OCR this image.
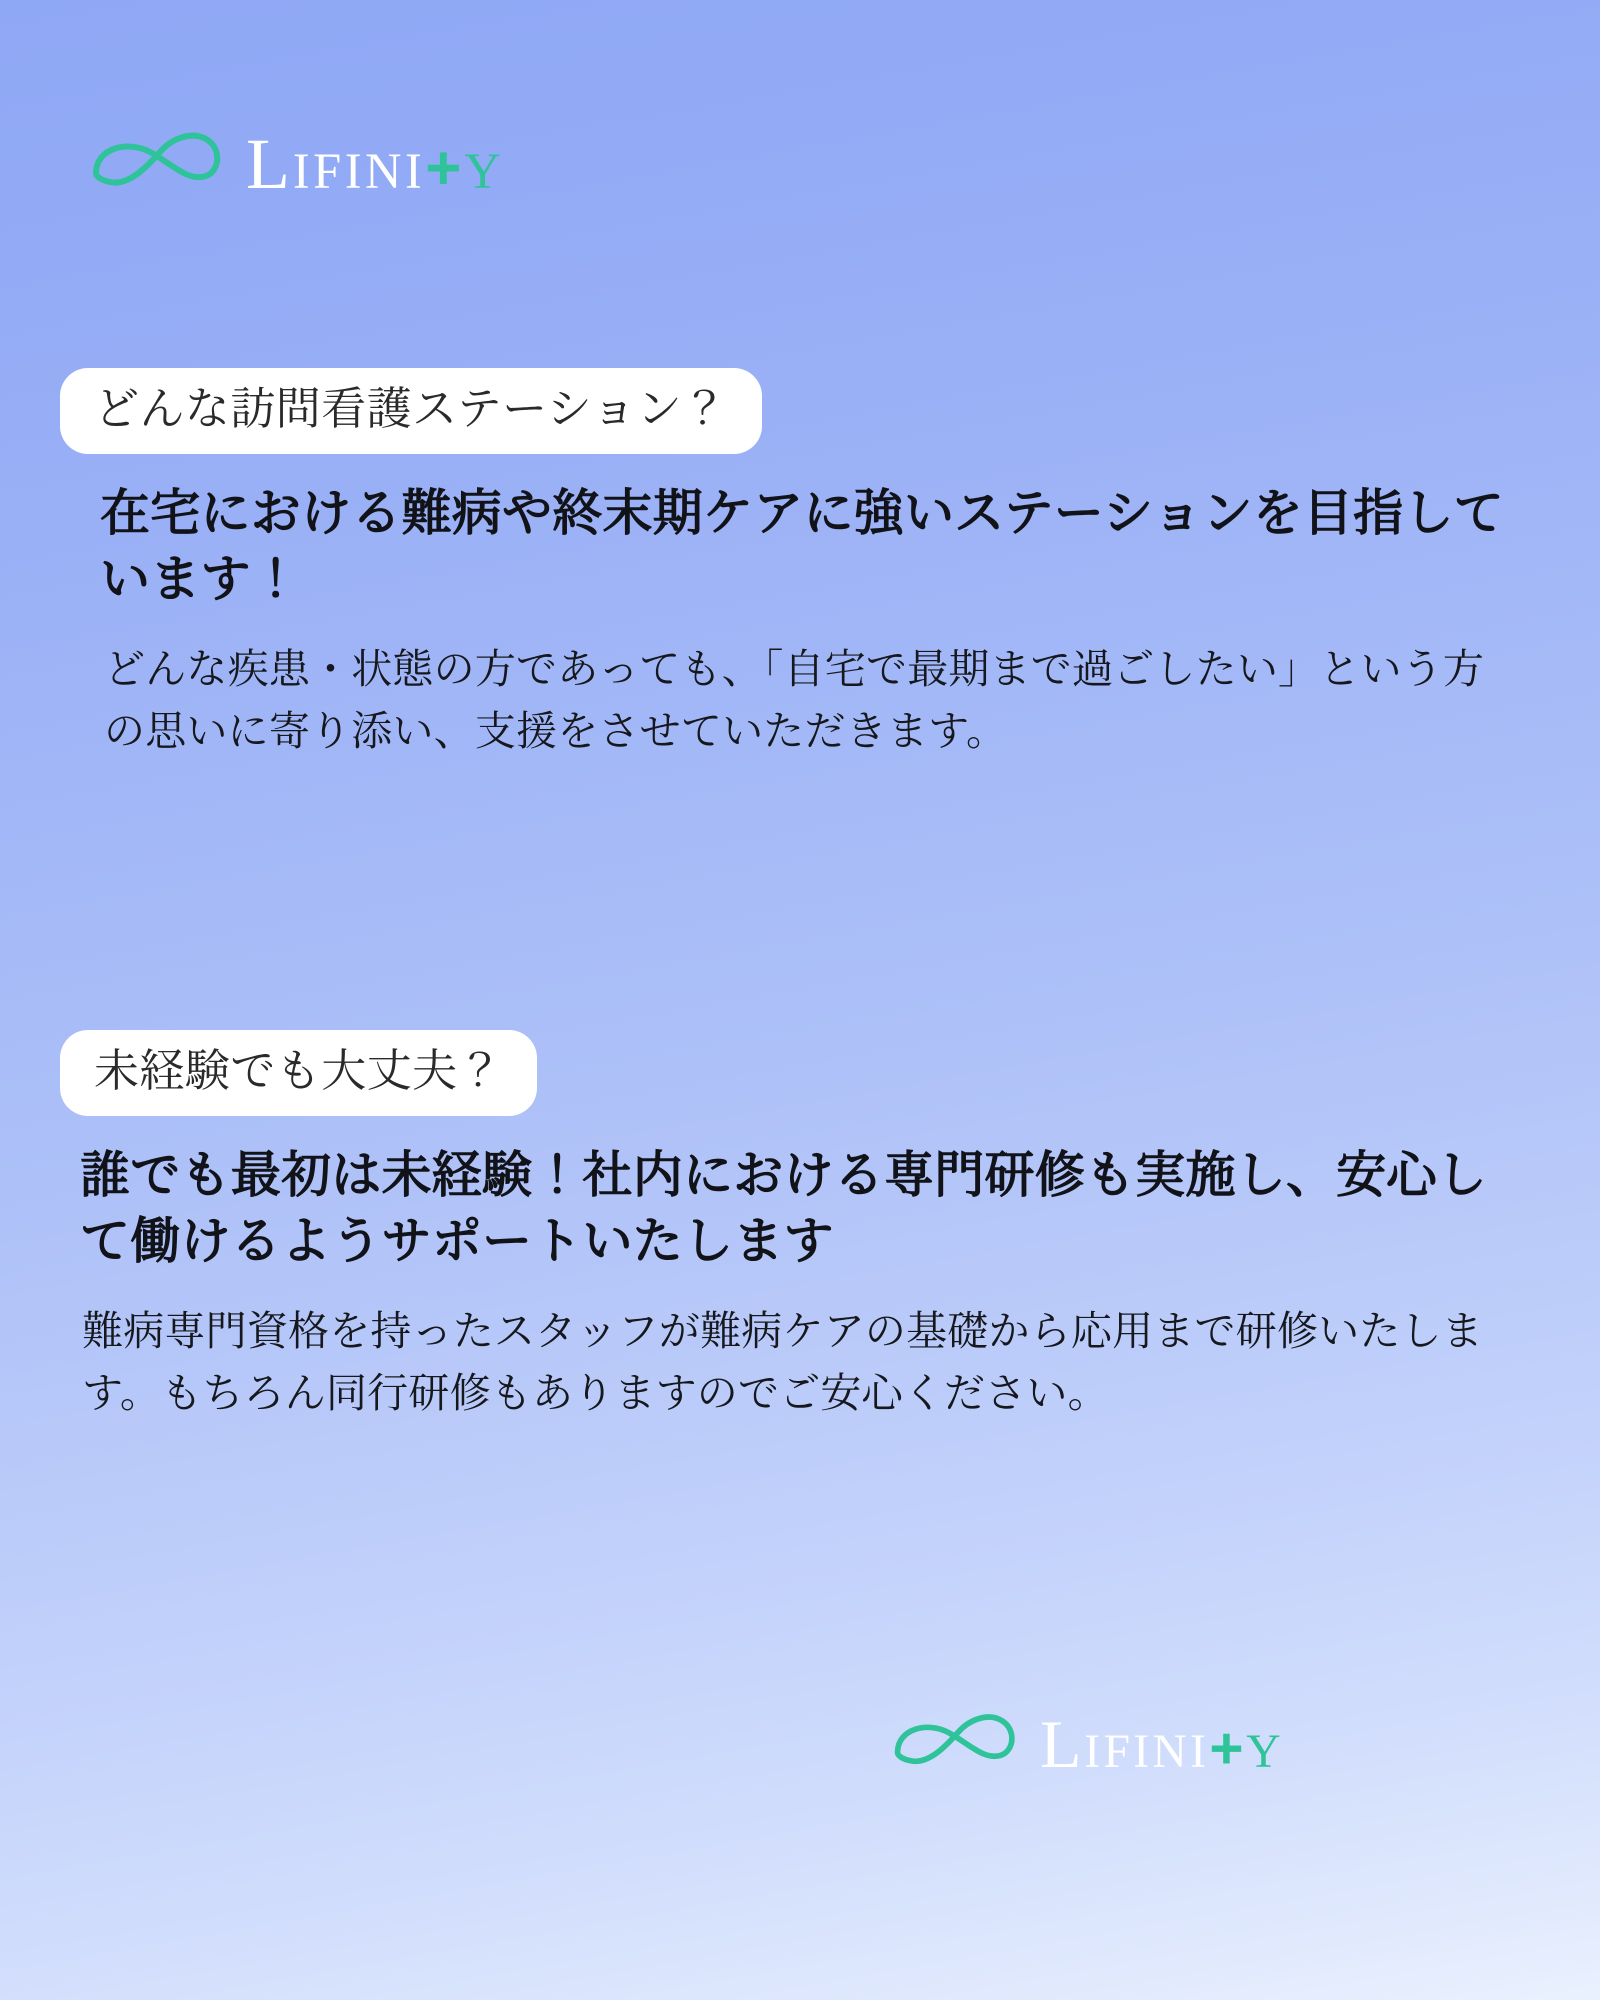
LIFINI+Y
どんな訪問看護ステーション？
在宅における難病や終末期ケアに強いステーションを目指しています！
どんな疾患・状態の方であっても、「自宅で最期まで過ごしたい」という方の思いに寄り添い、支援をさせていただきます。
未経験でも大丈夫？
誰でも最初は未経験！社内における専門研修も実施し、安心して働けるようサポートいたします
難病専門資格を持ったスタッフが難病ケアの基礎から応用まで研修いたします。もちろん同行研修もありますのでご安心ください。
LIFINI+Y
